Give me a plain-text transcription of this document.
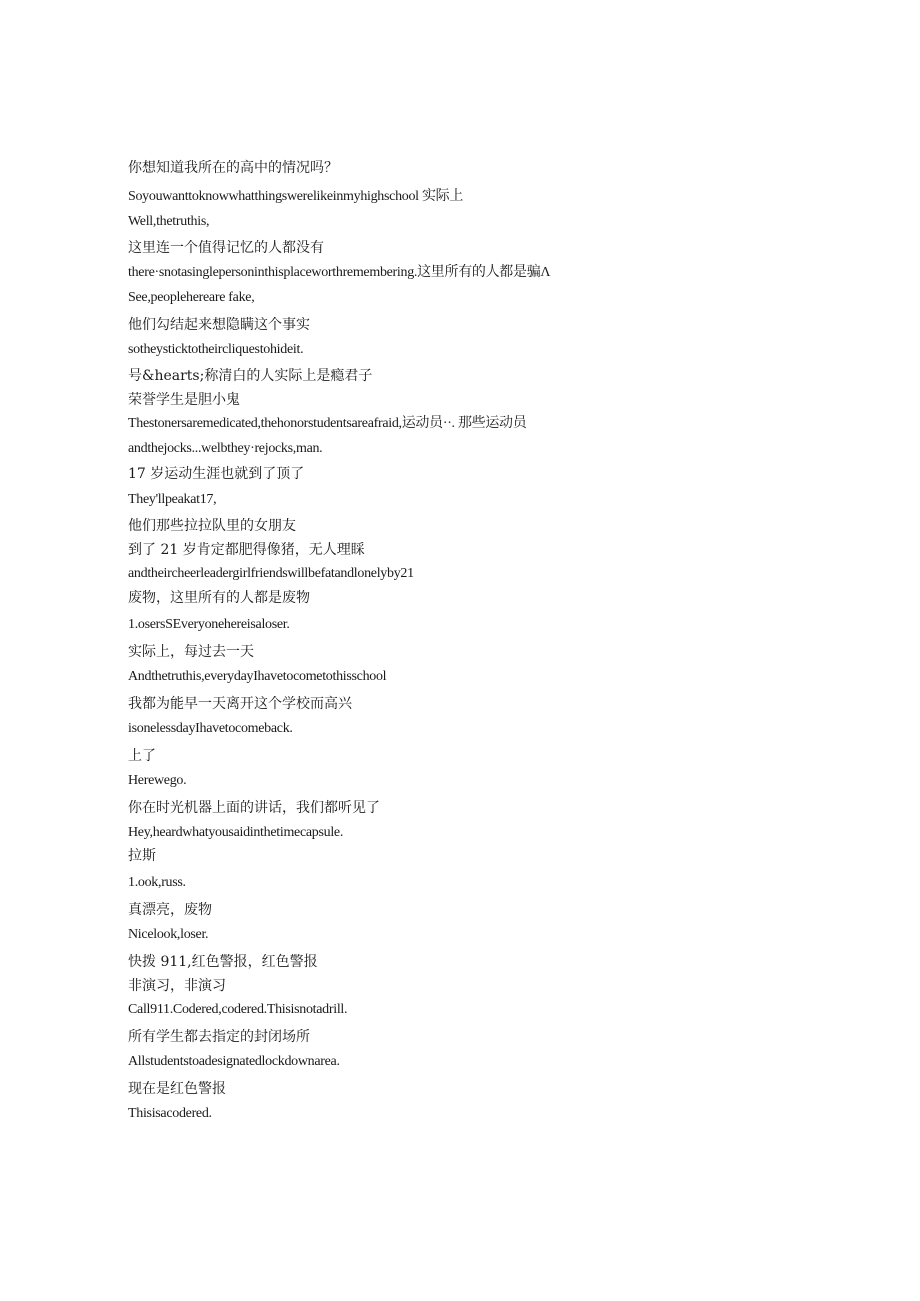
你想知道我所在的高中的情况吗？
Soyouwanttoknowwhatthingswerelikeinmyhighschool 实际上
Well,thetruthis,
这里连一个值得记忆的人都没有
there·snotasinglepersoninthisplaceworthremembering.这里所有的人都是骗Λ
See,peoplehereare fake,
他们勾结起来想隐瞒这个事实
sotheysticktotheircliquestohideit.
号&hearts;称清白的人实际上是瘾君子
荣誉学生是胆小鬼
Thestonersaremedicated,thehonorstudentsareafraid,运动员··. 那些运动员
andthejocks...welbthey·rejocks,man.
17 岁运动生涯也就到了顶了
They'llpeakat17,
他们那些拉拉队里的女朋友
到了 21 岁肯定都肥得像猪，无人理睬
andtheircheerleadergirlfriendswillbefatandlonelyby21
废物，这里所有的人都是废物
1.osersSEveryonehereisaloser.
实际上，每过去一天
Andthetruthis,everydayIhavetocometothisschool
我都为能早一天离开这个学校而高兴
isonelessdayIhavetocomeback.
上了
Herewego.
你在时光机器上面的讲话，我们都听见了
Hey,heardwhatyousaidinthetimecapsule.
拉斯
1.ook,russ.
真漂亮，废物
Nicelook,loser.
快拨 911,红色警报，红色警报
非演习，非演习
Call911.Codered,codered.Thisisnotadrill.
所有学生都去指定的封闭场所
Allstudentstoadesignatedlockdownarea.
现在是红色警报
Thisisacodered.
